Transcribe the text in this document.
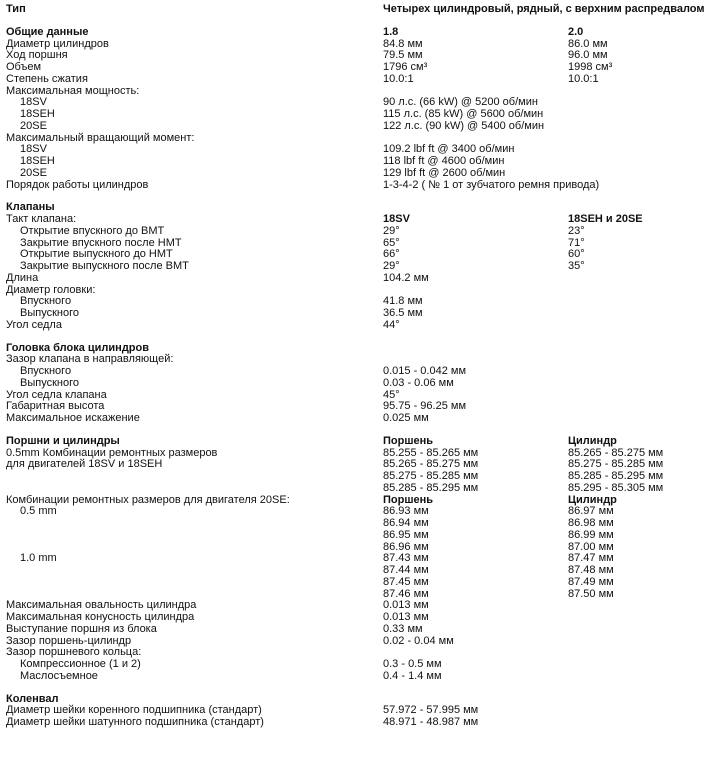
Тип	Четырех цилиндровый, рядный, с верхним распредвалом
Общие данные	1.8	2.0
Диаметр цилиндров	84.8 мм	86.0 мм
Ход поршня	79.5 мм	96.0 мм
Объем	1796 см³	1998 см³
Степень сжатия	10.0:1	10.0:1
Максимальная мощность:
18SV	90 л.с. (66 kW) @ 5200 об/мин
18SEH	115 л.с. (85 kW) @ 5600 об/мин
20SE	122 л.с. (90 kW) @ 5400 об/мин
Максимальный вращающий момент:
18SV	109.2 lbf ft @ 3400 об/мин
18SEH	118 lbf ft @ 4600 об/мин
20SE	129 lbf ft @ 2600 об/мин
Порядок работы цилиндров	1-3-4-2 ( № 1 от зубчатого ремня привода)
Клапаны
Такт клапана:	18SV	18SEH и 20SE
Открытие впускного до ВМТ	29°	23°
Закрытие впускного после НМТ	65°	71°
Открытие выпускного до НМТ	66°	60°
Закрытие выпускного после ВМТ	29°	35°
Длина	104.2 мм
Диаметр головки:
Впускного	41.8 мм
Выпускного	36.5 мм
Угол седла	44°
Головка блока цилиндров
Зазор клапана в направляющей:
Впускного	0.015 - 0.042 мм
Выпускного	0.03 - 0.06 мм
Угол седла клапана	45°
Габаритная высота	95.75 - 96.25 мм
Максимальное искажение	0.025 мм
Поршни и цилиндры	Поршень	Цилиндр
0.5mm Комбинации ремонтных размеров	85.255 - 85.265 мм	85.265 - 85.275 мм
для двигателей 18SV и 18SEH	85.265 - 85.275 мм	85.275 - 85.285 мм
85.275 - 85.285 мм	85.285 - 85.295 мм
85.285 - 85.295 мм	85.295 - 85.305 мм
Комбинации ремонтных размеров для двигателя 20SE:	Поршень	Цилиндр
0.5 mm	86.93 мм	86.97 мм
86.94 мм	86.98 мм
86.95 мм	86.99 мм
86.96 мм	87.00 мм
1.0 mm	87.43 мм	87.47 мм
87.44 мм	87.48 мм
87.45 мм	87.49 мм
87.46 мм	87.50 мм
Максимальная овальность цилиндра	0.013 мм
Максимальная конусность цилиндра	0.013 мм
Выступание поршня из блока	0.33 мм
Зазор поршень-цилиндр	0.02 - 0.04 мм
Зазор поршневого кольца:
Компрессионное (1 и 2)	0.3 - 0.5 мм
Маслосъемное	0.4 - 1.4 мм
Коленвал
Диаметр шейки коренного подшипника (стандарт)	57.972 - 57.995 мм
Диаметр шейки шатунного подшипника (стандарт)	48.971 - 48.987 мм
